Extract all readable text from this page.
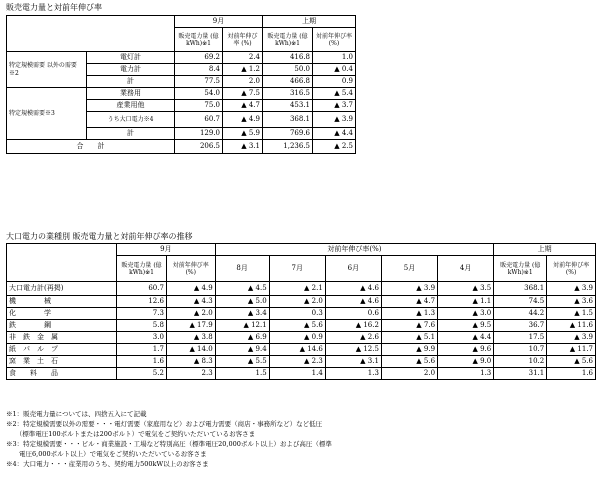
販売電力量と対前年伸び率
		9月		上期	
		販売電力量 (億kWh)※1	対前年伸び率 (%)	販売電力量 (億kWh)※1	対前年伸び率 (%)
特定規模需要 以外の需要　※2	電灯計	69.2	2.4	416.8	1.0
	電力計	8.4	▲ 1.2	50.0	▲ 0.4
	計	77.5	2.0	466.8	0.9
特定規模需要※3	業務用	54.0	▲ 7.5	316.5	▲ 5.4
	産業用他	75.0	▲ 4.7	453.1	▲ 3.7
	うち大口電力※4	60.7	▲ 4.9	368.1	▲ 3.9
	計	129.0	▲ 5.9	769.6	▲ 4.4
合　　計		206.5	▲ 3.1	1,236.5	▲ 2.5
大口電力の業種別 販売電力量と対前年伸び率の推移
	9月		対前年伸び率(%)					上期	
	販売電力量 (億kWh)※1	対前年伸び率 (%)	8月	7月	6月	5月	4月	販売電力量 (億kWh)※1	対前年伸び率 (%)
大口電力計(再掲)	60.7	▲ 4.9	▲ 4.5	▲ 2.1	▲ 4.6	▲ 3.9	▲ 3.5	368.1	▲ 3.9
機　　　　械	12.6	▲ 4.3	▲ 5.0	▲ 2.0	▲ 4.6	▲ 4.7	▲ 1.1	74.5	▲ 3.6
化　　　　学	7.3	▲ 2.0	▲ 3.4	0.3	0.6	▲ 1.3	▲ 3.0	44.2	▲ 1.5
鉄　　　　鋼	5.8	▲ 17.9	▲ 12.1	▲ 5.6	▲ 16.2	▲ 7.6	▲ 9.5	36.7	▲ 11.6
非　鉄　金　属	3.0	▲ 3.8	▲ 6.9	▲ 0.9	▲ 2.6	▲ 5.1	▲ 4.4	17.5	▲ 3.9
紙　パ　ル　プ	1.7	▲ 14.0	▲ 9.4	▲ 14.6	▲ 12.5	▲ 9.9	▲ 9.6	10.7	▲ 11.7
窯　業　土　石	1.6	▲ 8.3	▲ 5.5	▲ 2.3	▲ 3.1	▲ 5.6	▲ 9.0	10.2	▲ 5.6
食　　料　　品	5.2	2.3	1.5	1.4	1.3	2.0	1.3	31.1	1.6
※1：販売電力量については、四捨五入にて記載
※2：特定規模需要以外の需要・・・電灯需要（家庭用など）および電力需要（商店・事務所など）など低圧
　　（標準電圧100ボルトまたは200ボルト）で電気をご契約いただいているお客さま
※3：特定規模需要・・・ビル・商業施設・工場など特別高圧（標準電圧20,000ボルト以上）および高圧（標準
　　電圧6,000ボルト以上）で電気をご契約いただいているお客さま
※4：大口電力・・・産業用のうち、契約電力500kW以上のお客さま
